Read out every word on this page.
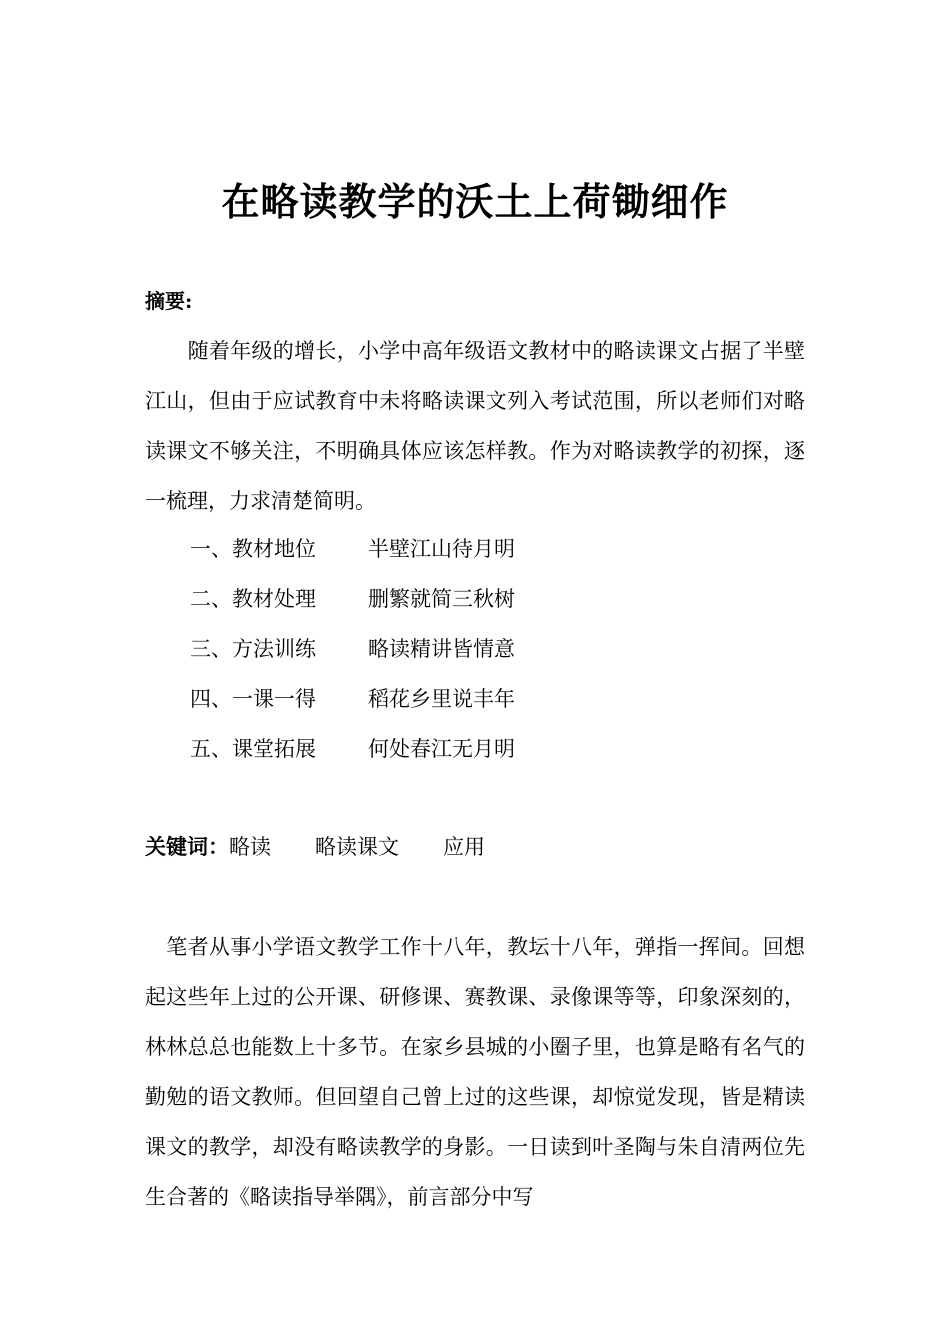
在略读教学的沃土上荷锄细作
摘要:
　　随着年级的增长，小学中高年级语文教材中的略读课文占据了半壁江山，但由于应试教育中未将略读课文列入考试范围，所以老师们对略读课文不够关注，不明确具体应该怎样教。作为对略读教学的初探，逐一梳理，力求清楚简明。
一、教材地位 半壁江山待月明
二、教材处理 删繁就简三秋树
三、方法训练 略读精讲皆情意
四、一课一得 稻花乡里说丰年
五、课堂拓展 何处春江无月明
关键词：略读 略读课文 应用
　笔者从事小学语文教学工作十八年，教坛十八年，弹指一挥间。回想起这些年上过的公开课、研修课、赛教课、录像课等等，印象深刻的，林林总总也能数上十多节。在家乡县城的小圈子里，也算是略有名气的勤勉的语文教师。但回望自己曾上过的这些课，却惊觉发现，皆是精读课文的教学，却没有略读教学的身影。一日读到叶圣陶与朱自清两位先生合著的《略读指导举隅》，前言部分中写
